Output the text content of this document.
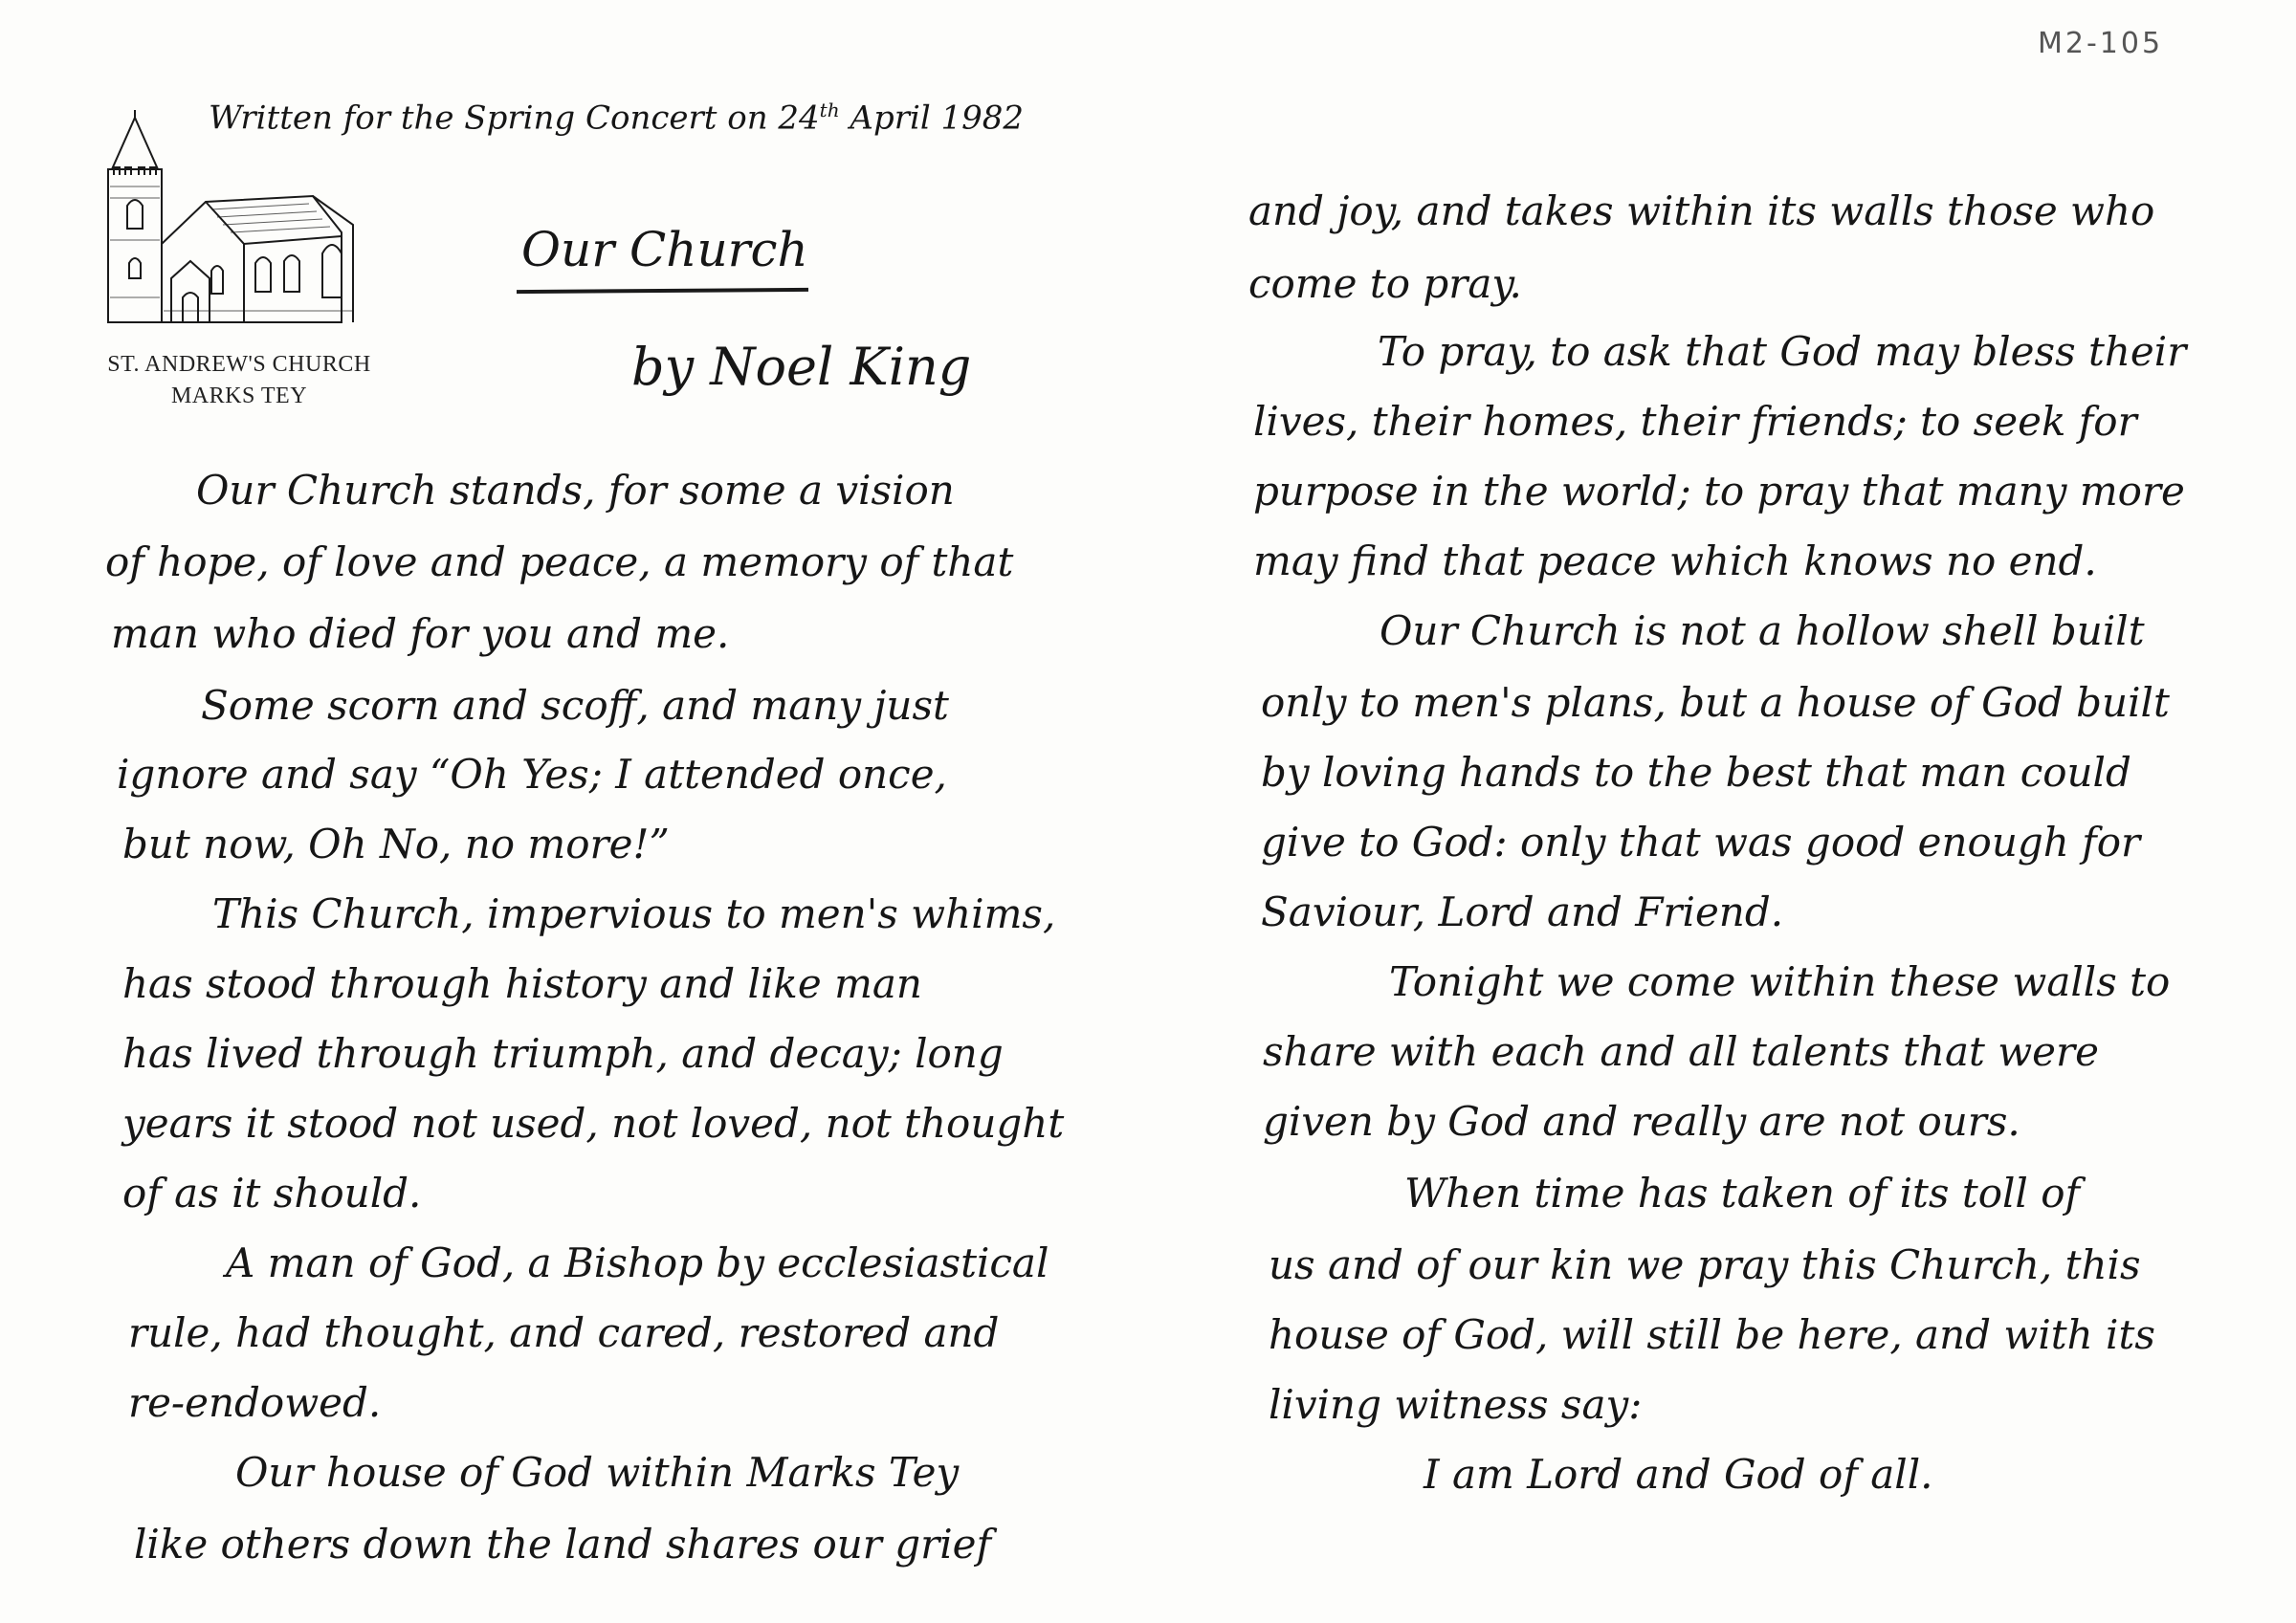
M2-105
Written for the Spring Concert on 24th April 1982
ST. ANDREW'S CHURCH
MARKS TEY
Our Church
by Noel King
Our Church stands, for some a vision
of hope, of love and peace, a memory of that
man who died for you and me.
Some scorn and scoff, and many just
ignore and say “Oh Yes; I attended once,
but now, Oh No, no more!”
This Church, impervious to men's whims,
has stood through history and like man
has lived through triumph, and decay; long
years it stood not used, not loved, not thought
of as it should.
A man of God, a Bishop by ecclesiastical
rule, had thought, and cared, restored and
re-endowed.
Our house of God within Marks Tey
like others down the land shares our grief
and joy, and takes within its walls those who
come to pray.
To pray, to ask that God may bless their
lives, their homes, their friends; to seek for
purpose in the world; to pray that many more
may find that peace which knows no end.
Our Church is not a hollow shell built
only to men's plans, but a house of God built
by loving hands to the best that man could
give to God: only that was good enough for
Saviour, Lord and Friend.
Tonight we come within these walls to
share with each and all talents that were
given by God and really are not ours.
When time has taken of its toll of
us and of our kin we pray this Church, this
house of God, will still be here, and with its
living witness say:
I am Lord and God of all.
